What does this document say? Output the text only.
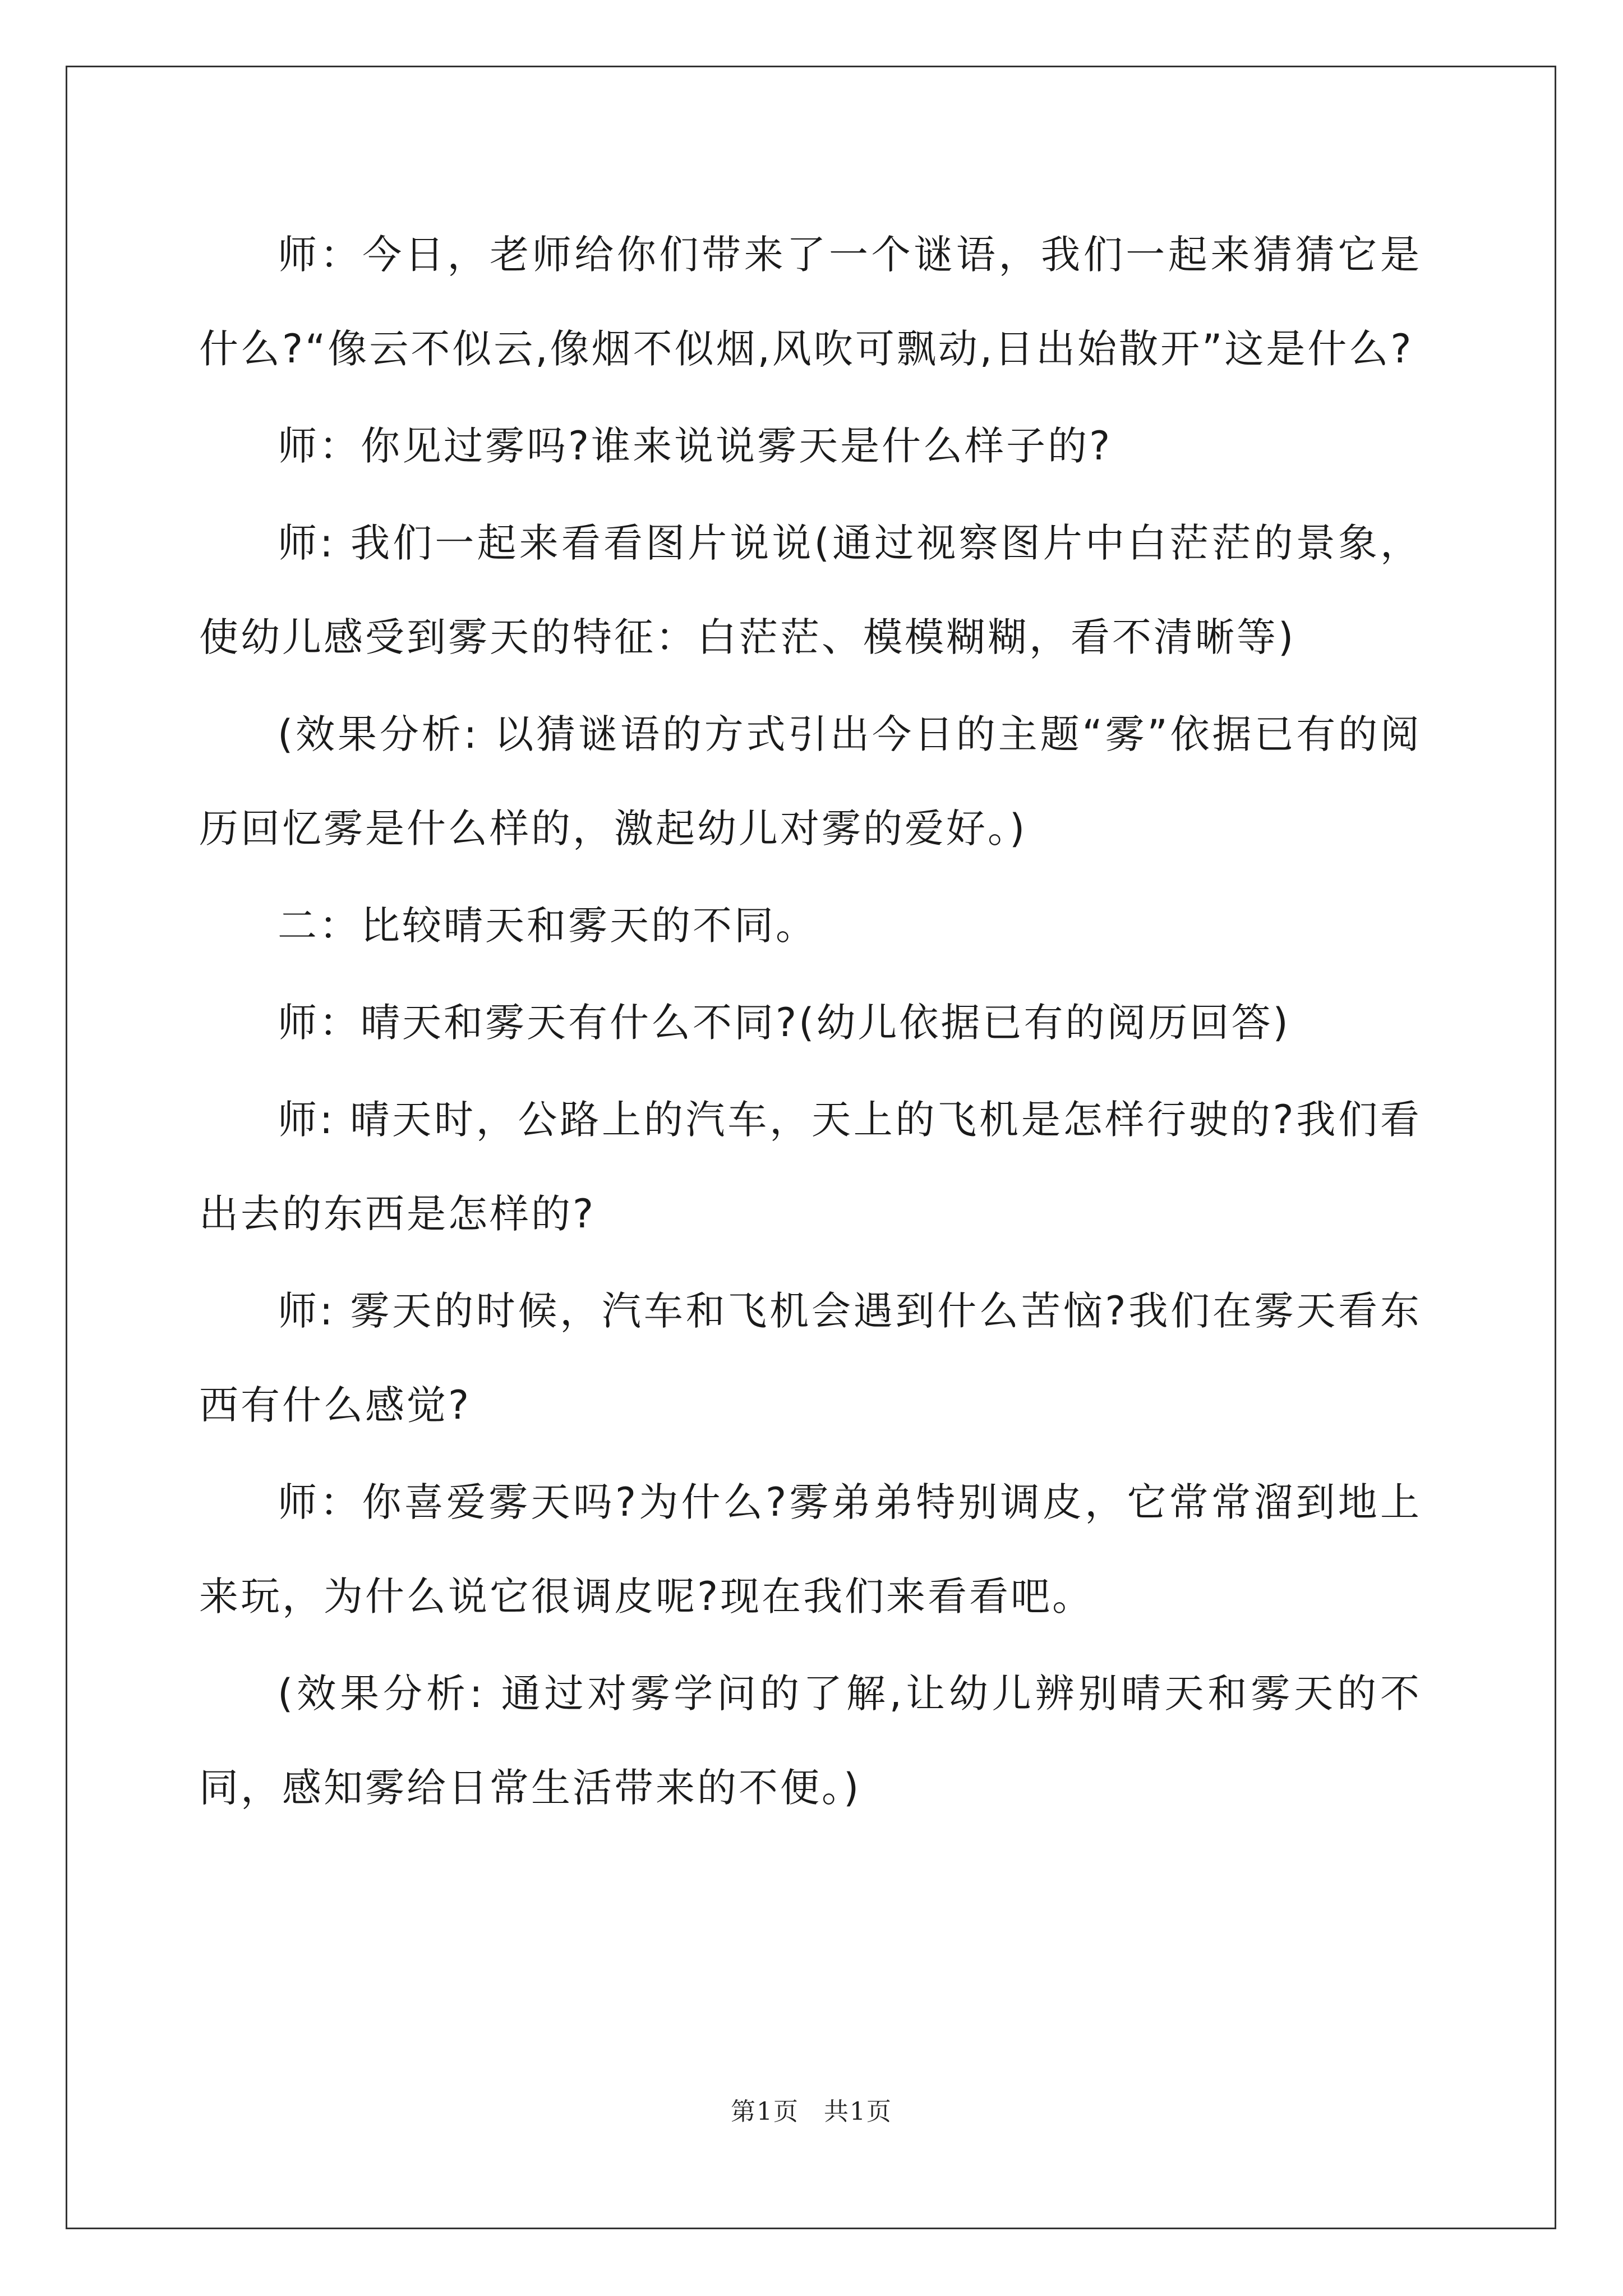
师：今日，老师给你们带来了一个谜语，我们一起来猜猜它是什么?“像云不似云,像烟不似烟,风吹可飘动,日出始散开”这是什么?

师：你见过雾吗?谁来说说雾天是什么样子的?

师: 我们一起来看看图片说说(通过视察图片中白茫茫的景象，使幼儿感受到雾天的特征：白茫茫、模模糊糊，看不清晰等)

(效果分析: 以猜谜语的方式引出今日的主题“雾”依据已有的阅历回忆雾是什么样的，激起幼儿对雾的爱好。)

二：比较晴天和雾天的不同。

师：晴天和雾天有什么不同?(幼儿依据已有的阅历回答)

师: 晴天时，公路上的汽车，天上的飞机是怎样行驶的?我们看出去的东西是怎样的?

师: 雾天的时候，汽车和飞机会遇到什么苦恼?我们在雾天看东西有什么感觉?

师：你喜爱雾天吗?为什么?雾弟弟特别调皮，它常常溜到地上来玩，为什么说它很调皮呢?现在我们来看看吧。

(效果分析: 通过对雾学问的了解,让幼儿辨别晴天和雾天的不同，感知雾给日常生活带来的不便。)

第1页 共1页
